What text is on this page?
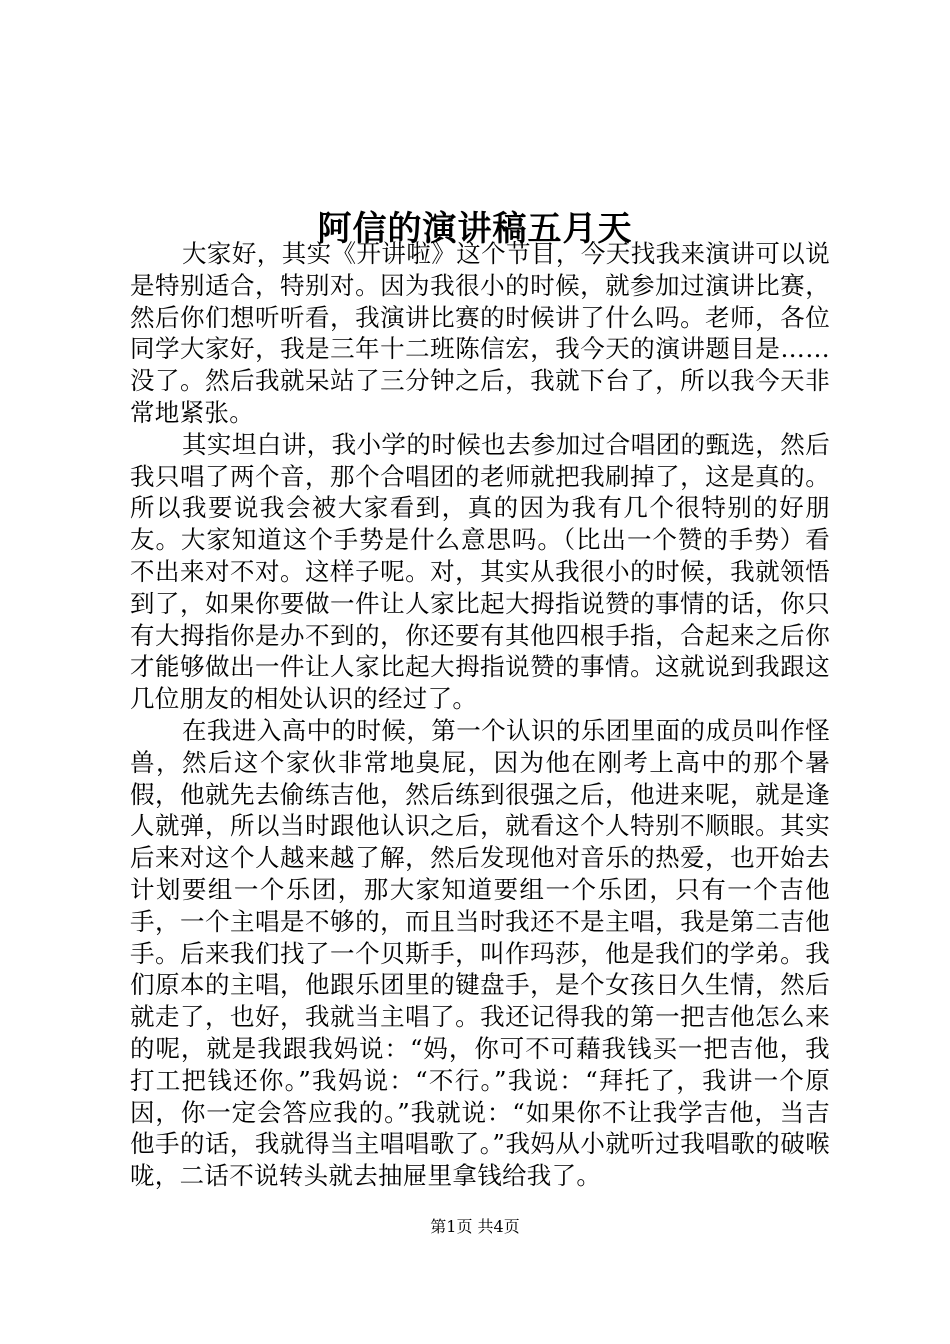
阿信的演讲稿五月天

大家好，其实《开讲啦》这个节目，今天找我来演讲可以说是特别适合，特别对。因为我很小的时候，就参加过演讲比赛，然后你们想听听看，我演讲比赛的时候讲了什么吗。老师，各位同学大家好，我是三年十二班陈信宏，我今天的演讲题目是……没了。然后我就呆站了三分钟之后，我就下台了，所以我今天非常地紧张。

其实坦白讲，我小学的时候也去参加过合唱团的甄选，然后我只唱了两个音，那个合唱团的老师就把我刷掉了，这是真的。所以我要说我会被大家看到，真的因为我有几个很特别的好朋友。大家知道这个手势是什么意思吗。（比出一个赞的手势）看不出来对不对。这样子呢。对，其实从我很小的时候，我就领悟到了，如果你要做一件让人家比起大拇指说赞的事情的话，你只有大拇指你是办不到的，你还要有其他四根手指，合起来之后你才能够做出一件让人家比起大拇指说赞的事情。这就说到我跟这几位朋友的相处认识的经过了。

在我进入高中的时候，第一个认识的乐团里面的成员叫作怪兽，然后这个家伙非常地臭屁，因为他在刚考上高中的那个暑假，他就先去偷练吉他，然后练到很强之后，他进来呢，就是逢人就弹，所以当时跟他认识之后，就看这个人特别不顺眼。其实后来对这个人越来越了解，然后发现他对音乐的热爱，也开始去计划要组一个乐团，那大家知道要组一个乐团，只有一个吉他手，一个主唱是不够的，而且当时我还不是主唱，我是第二吉他手。后来我们找了一个贝斯手，叫作玛莎，他是我们的学弟。我们原本的主唱，他跟乐团里的键盘手，是个女孩日久生情，然后就走了，也好，我就当主唱了。我还记得我的第一把吉他怎么来的呢，就是我跟我妈说：“妈，你可不可藉我钱买一把吉他，我打工把钱还你。”我妈说：“不行。”我说：“拜托了，我讲一个原因，你一定会答应我的。”我就说：“如果你不让我学吉他，当吉他手的话，我就得当主唱唱歌了。”我妈从小就听过我唱歌的破喉咙，二话不说转头就去抽屉里拿钱给我了。

第1页 共4页
